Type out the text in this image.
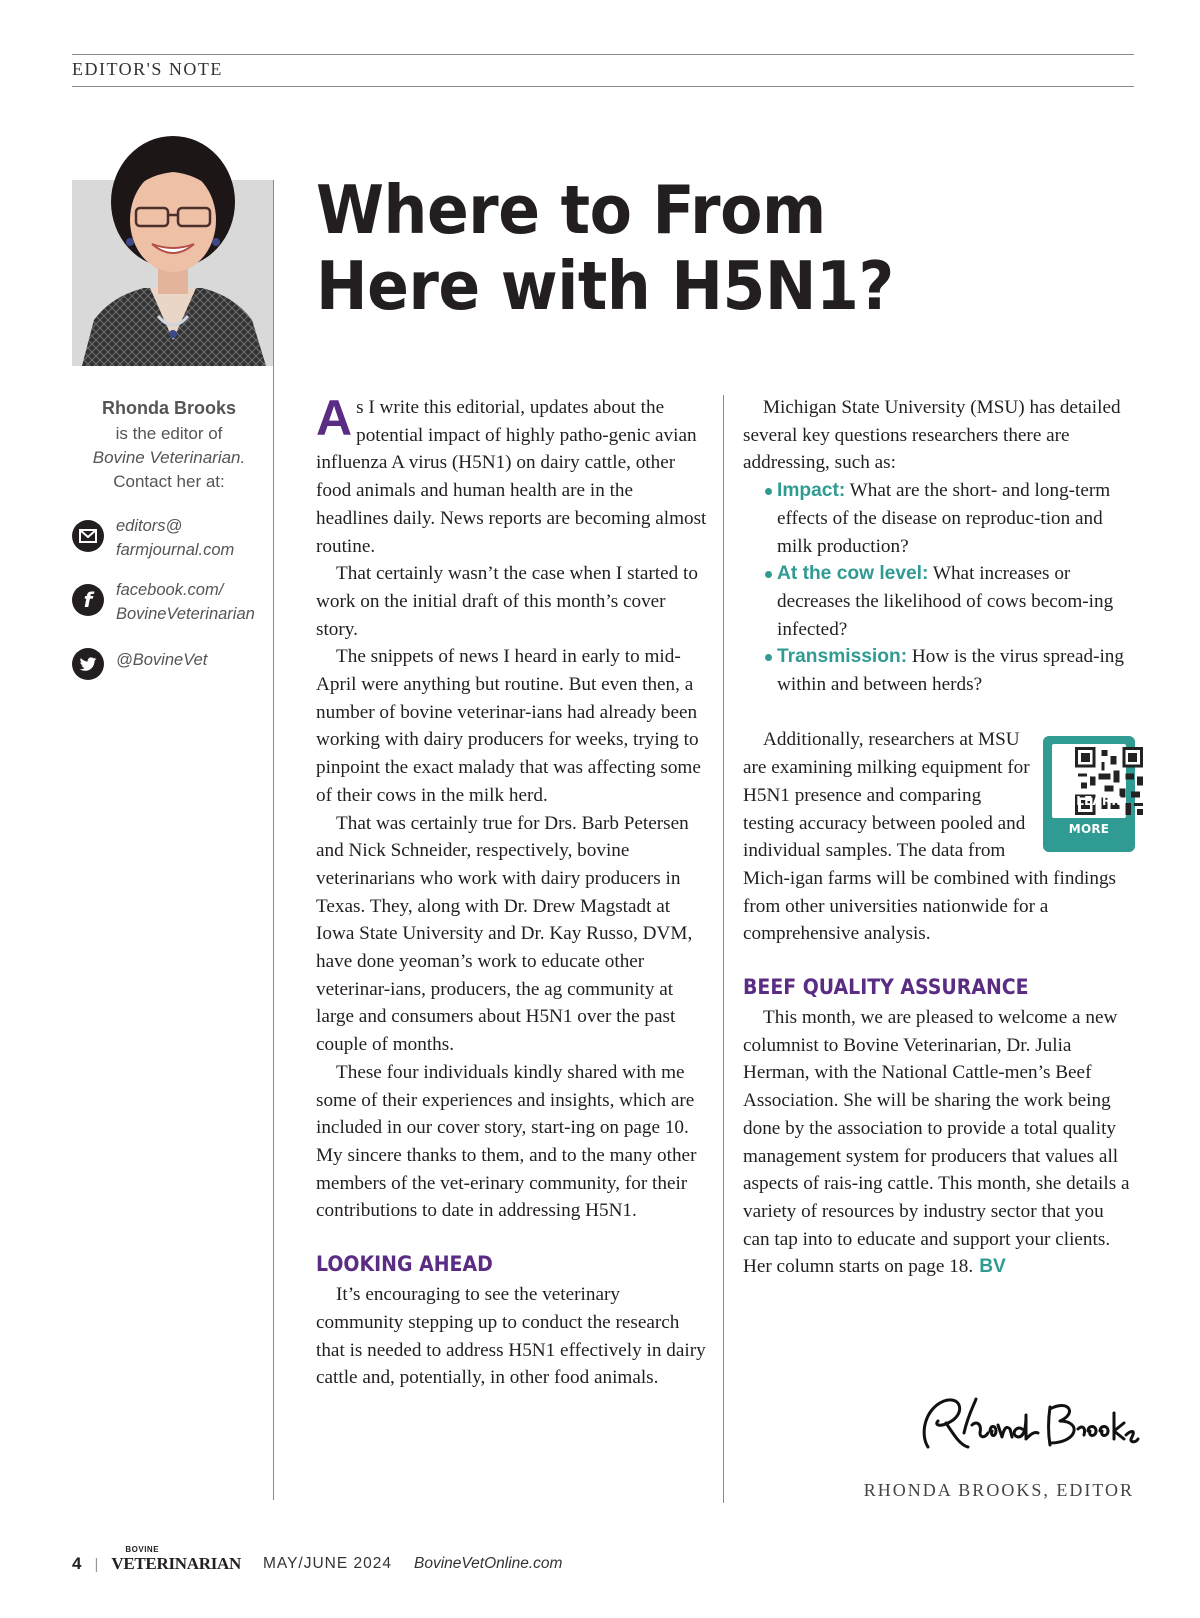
EDITOR'S NOTE
Rhonda Brooks
is the editor of
Bovine Veterinarian.
Contact her at:
editors@
farmjournal.com
f facebook.com/
BovineVeterinarian
@BovineVet
Where to From
Here with H5N1?

As I write this editorial, updates about the potential impact of highly patho-genic avian influenza A virus (H5N1) on dairy cattle, other food animals and human health are in the headlines daily. News reports are becoming almost routine.

That certainly wasn’t the case when I started to work on the initial draft of this month’s cover story.

The snippets of news I heard in early to mid-April were anything but routine. But even then, a number of bovine veterinar-ians had already been working with dairy producers for weeks, trying to pinpoint the exact malady that was affecting some of their cows in the milk herd.

That was certainly true for Drs. Barb Petersen and Nick Schneider, respectively, bovine veterinarians who work with dairy producers in Texas. They, along with Dr. Drew Magstadt at Iowa State University and Dr. Kay Russo, DVM, have done yeoman’s work to educate other veterinar-ians, producers, the ag community at large and consumers about H5N1 over the past couple of months.

These four individuals kindly shared with me some of their experiences and insights, which are included in our cover story, start-ing on page 10. My sincere thanks to them, and to the many other members of the vet-erinary community, for their contributions to date in addressing H5N1.

LOOKING AHEAD

It’s encouraging to see the veterinary community stepping up to conduct the research that is needed to address H5N1 effectively in dairy cattle and, potentially, in other food animals.

Michigan State University (MSU) has detailed several key questions researchers there are addressing, such as:

Impact: What are the short- and long-term effects of the disease on reproduc-tion and milk production?
At the cow level: What increases or decreases the likelihood of cows becom-ing infected?
Transmission: How is the virus spread-ing within and between herds?

LEARN MORE
Additionally, researchers at MSU are examining milking equipment for H5N1 presence and comparing testing accuracy between pooled and individual samples. The data from Mich-igan farms will be combined with findings from other universities nationwide for a comprehensive analysis.

BEEF QUALITY ASSURANCE

This month, we are pleased to welcome a new columnist to Bovine Veterinarian, Dr. Julia Herman, with the National Cattle-men’s Beef Association. She will be sharing the work being done by the association to provide a total quality management system for producers that values all aspects of rais-ing cattle. This month, she details a variety of resources by industry sector that you can tap into to educate and support your clients. Her column starts on page 18. BV

RHONDA BROOKS, EDITOR
4 |
BOVINE
VETERINARIAN MAY/JUNE 2024 BovineVetOnline.com
